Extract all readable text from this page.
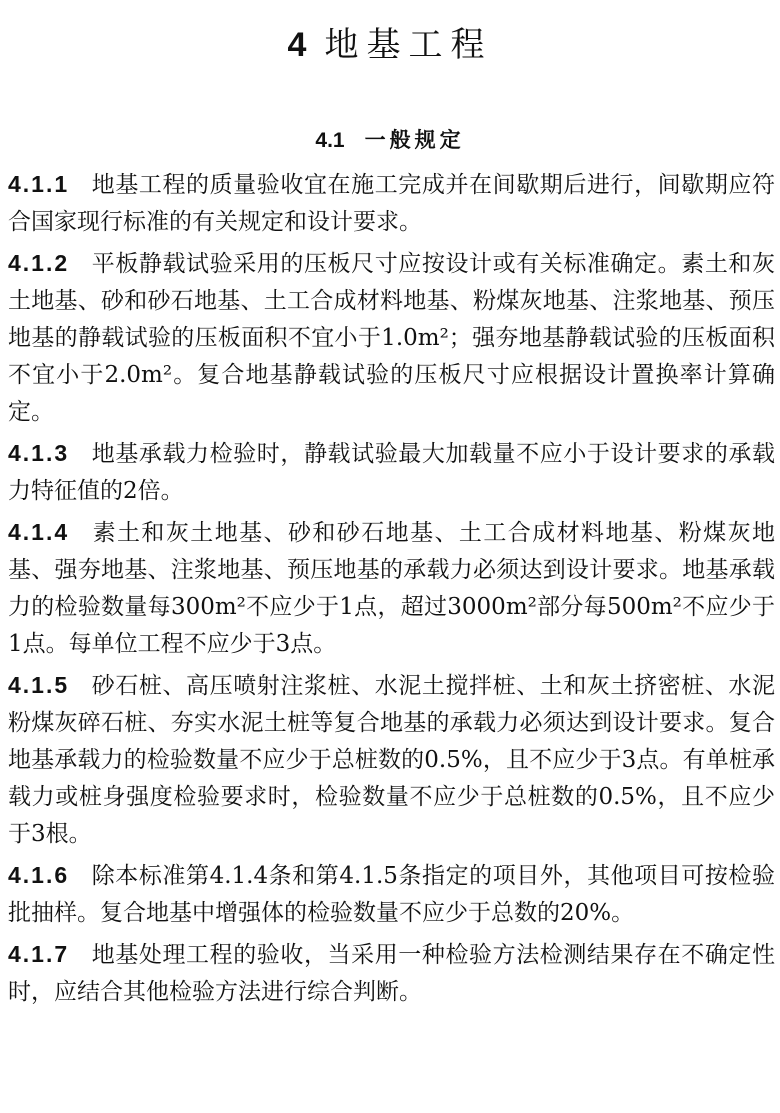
4 地基工程
4.1 一般规定

4.1.1 地基工程的质量验收宜在施工完成并在间歇期后进行，间歇期应符合国家现行标准的有关规定和设计要求。

4.1.2 平板静载试验采用的压板尺寸应按设计或有关标准确定。素土和灰土地基、砂和砂石地基、土工合成材料地基、粉煤灰地基、注浆地基、预压地基的静载试验的压板面积不宜小于1.0m²；强夯地基静载试验的压板面积不宜小于2.0m²。复合地基静载试验的压板尺寸应根据设计置换率计算确定。

4.1.3 地基承载力检验时，静载试验最大加载量不应小于设计要求的承载力特征值的2倍。

4.1.4 素土和灰土地基、砂和砂石地基、土工合成材料地基、粉煤灰地基、强夯地基、注浆地基、预压地基的承载力必须达到设计要求。地基承载力的检验数量每300m²不应少于1点，超过3000m²部分每500m²不应少于1点。每单位工程不应少于3点。

4.1.5 砂石桩、高压喷射注浆桩、水泥土搅拌桩、土和灰土挤密桩、水泥粉煤灰碎石桩、夯实水泥土桩等复合地基的承载力必须达到设计要求。复合地基承载力的检验数量不应少于总桩数的0.5%，且不应少于3点。有单桩承载力或桩身强度检验要求时，检验数量不应少于总桩数的0.5%，且不应少于3根。

4.1.6 除本标准第4.1.4条和第4.1.5条指定的项目外，其他项目可按检验批抽样。复合地基中增强体的检验数量不应少于总数的20%。

4.1.7 地基处理工程的验收，当采用一种检验方法检测结果存在不确定性时，应结合其他检验方法进行综合判断。
